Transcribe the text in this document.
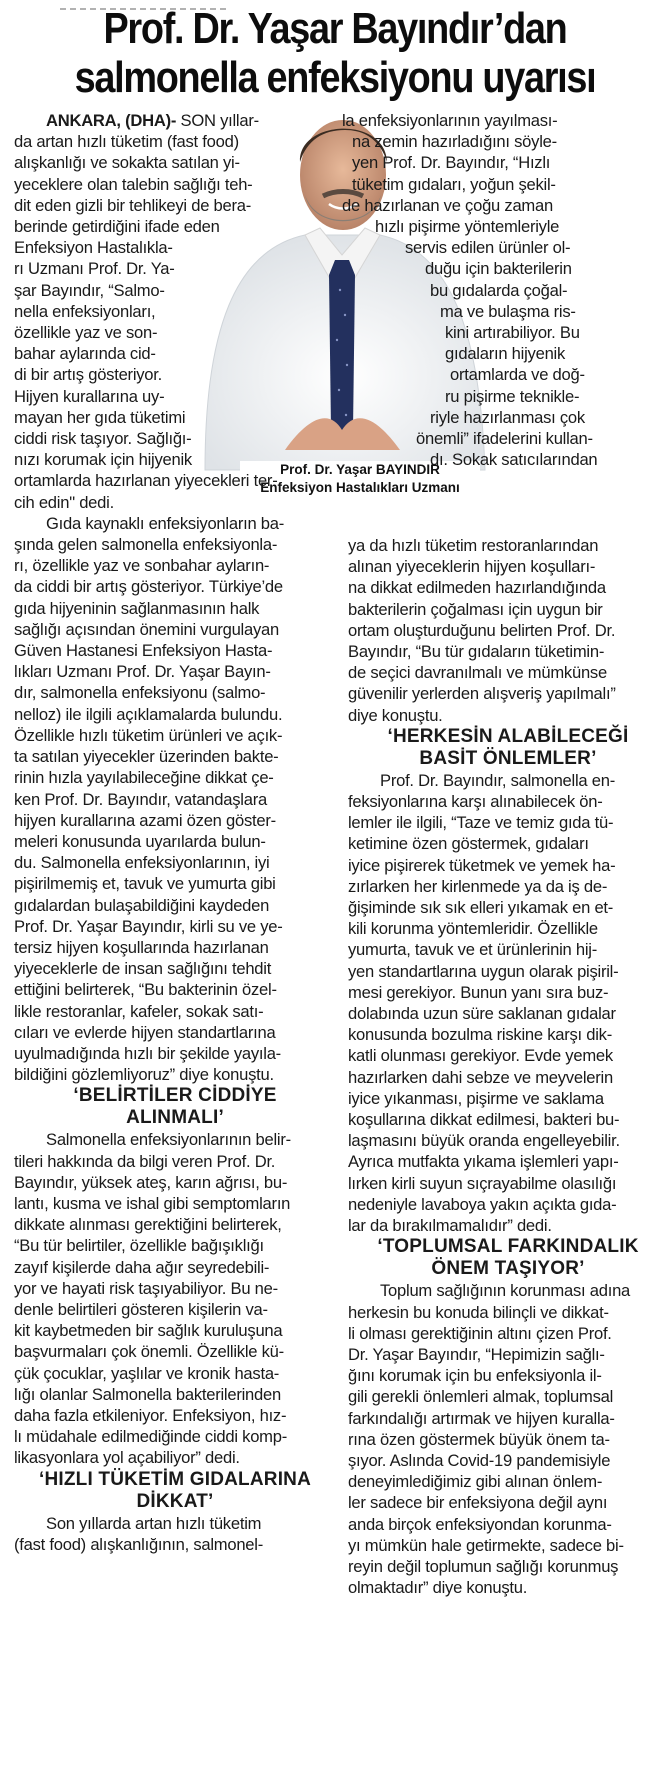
Prof. Dr. Yaşar Bayındır’dan
salmonella enfeksiyonu uyarısı
Prof. Dr. Yaşar BAYINDIR
Enfeksiyon Hastalıkları Uzmanı
ANKARA, (DHA)- SON yıllar-
da artan hızlı tüketim (fast food)
alışkanlığı ve sokakta satılan yi-
yeceklere olan talebin sağlığı teh-
dit eden gizli bir tehlikeyi de bera-
berinde getirdiğini ifade eden
Enfeksiyon Hastalıkla-
rı Uzmanı Prof. Dr. Ya-
şar Bayındır, “Salmo-
nella enfeksiyonları,
özellikle yaz ve son-
bahar aylarında cid-
di bir artış gösteriyor.
Hijyen kurallarına uy-
mayan her gıda tüketimi
ciddi risk taşıyor. Sağlığı-
nızı korumak için hijyenik
ortamlarda hazırlanan yiyecekleri ter-
cih edin" dedi.
Gıda kaynaklı enfeksiyonların ba-
şında gelen salmonella enfeksiyonla-
rı, özellikle yaz ve sonbahar ayların-
da ciddi bir artış gösteriyor. Türkiye’de
gıda hijyeninin sağlanmasının halk
sağlığı açısından önemini vurgulayan
Güven Hastanesi Enfeksiyon Hasta-
lıkları Uzmanı Prof. Dr. Yaşar Bayın-
dır, salmonella enfeksiyonu (salmo-
nelloz) ile ilgili açıklamalarda bulundu.
Özellikle hızlı tüketim ürünleri ve açık-
ta satılan yiyecekler üzerinden bakte-
rinin hızla yayılabileceğine dikkat çe-
ken Prof. Dr. Bayındır, vatandaşlara
hijyen kurallarına azami özen göster-
meleri konusunda uyarılarda bulun-
du. Salmonella enfeksiyonlarının, iyi
pişirilmemiş et, tavuk ve yumurta gibi
gıdalardan bulaşabildiğini kaydeden
Prof. Dr. Yaşar Bayındır, kirli su ve ye-
tersiz hijyen koşullarında hazırlanan
yiyeceklerle de insan sağlığını tehdit
ettiğini belirterek, “Bu bakterinin özel-
likle restoranlar, kafeler, sokak satı-
cıları ve evlerde hijyen standartlarına
uyulmadığında hızlı bir şekilde yayıla-
bildiğini gözlemliyoruz” diye konuştu.
‘BELİRTİLER CİDDİYE
ALINMALI’
Salmonella enfeksiyonlarının belir-
tileri hakkında da bilgi veren Prof. Dr.
Bayındır, yüksek ateş, karın ağrısı, bu-
lantı, kusma ve ishal gibi semptomların
dikkate alınması gerektiğini belirterek,
“Bu tür belirtiler, özellikle bağışıklığı
zayıf kişilerde daha ağır seyredebili-
yor ve hayati risk taşıyabiliyor. Bu ne-
denle belirtileri gösteren kişilerin va-
kit kaybetmeden bir sağlık kuruluşuna
başvurmaları çok önemli. Özellikle kü-
çük çocuklar, yaşlılar ve kronik hasta-
lığı olanlar Salmonella bakterilerinden
daha fazla etkileniyor. Enfeksiyon, hız-
lı müdahale edilmediğinde ciddi komp-
likasyonlara yol açabiliyor” dedi.
‘HIZLI TÜKETİM GIDALARINA
DİKKAT’
Son yıllarda artan hızlı tüketim
(fast food) alışkanlığının, salmonel-
la enfeksiyonlarının yayılması-
na zemin hazırladığını söyle-
yen Prof. Dr. Bayındır, “Hızlı
tüketim gıdaları, yoğun şekil-
de hazırlanan ve çoğu zaman
hızlı pişirme yöntemleriyle
servis edilen ürünler ol-
duğu için bakterilerin
bu gıdalarda çoğal-
ma ve bulaşma ris-
kini artırabiliyor. Bu
gıdaların hijyenik
ortamlarda ve doğ-
ru pişirme teknikle-
riyle hazırlanması çok
önemli” ifadelerini kullan-
dı. Sokak satıcılarından
ya da hızlı tüketim restoranlarından
alınan yiyeceklerin hijyen koşulları-
na dikkat edilmeden hazırlandığında
bakterilerin çoğalması için uygun bir
ortam oluşturduğunu belirten Prof. Dr.
Bayındır, “Bu tür gıdaların tüketimin-
de seçici davranılmalı ve mümkünse
güvenilir yerlerden alışveriş yapılmalı”
diye konuştu.
‘HERKESİN ALABİLECEĞİ
BASİT ÖNLEMLER’
Prof. Dr. Bayındır, salmonella en-
feksiyonlarına karşı alınabilecek ön-
lemler ile ilgili, “Taze ve temiz gıda tü-
ketimine özen göstermek, gıdaları
iyice pişirerek tüketmek ve yemek ha-
zırlarken her kirlenmede ya da iş de-
ğişiminde sık sık elleri yıkamak en et-
kili korunma yöntemleridir. Özellikle
yumurta, tavuk ve et ürünlerinin hij-
yen standartlarına uygun olarak pişiril-
mesi gerekiyor. Bunun yanı sıra buz-
dolabında uzun süre saklanan gıdalar
konusunda bozulma riskine karşı dik-
katli olunması gerekiyor. Evde yemek
hazırlarken dahi sebze ve meyvelerin
iyice yıkanması, pişirme ve saklama
koşullarına dikkat edilmesi, bakteri bu-
laşmasını büyük oranda engelleyebilir.
Ayrıca mutfakta yıkama işlemleri yapı-
lırken kirli suyun sıçrayabilme olasılığı
nedeniyle lavaboya yakın açıkta gıda-
lar da bırakılmamalıdır” dedi.
‘TOPLUMSAL FARKINDALIK
ÖNEM TAŞIYOR’
Toplum sağlığının korunması adına
herkesin bu konuda bilinçli ve dikkat-
li olması gerektiğinin altını çizen Prof.
Dr. Yaşar Bayındır, “Hepimizin sağlı-
ğını korumak için bu enfeksiyonla il-
gili gerekli önlemleri almak, toplumsal
farkındalığı artırmak ve hijyen kuralla-
rına özen göstermek büyük önem ta-
şıyor. Aslında Covid-19 pandemisiyle
deneyimlediğimiz gibi alınan önlem-
ler sadece bir enfeksiyona değil aynı
anda birçok enfeksiyondan korunma-
yı mümkün hale getirmekte, sadece bi-
reyin değil toplumun sağlığı korunmuş
olmaktadır” diye konuştu.
